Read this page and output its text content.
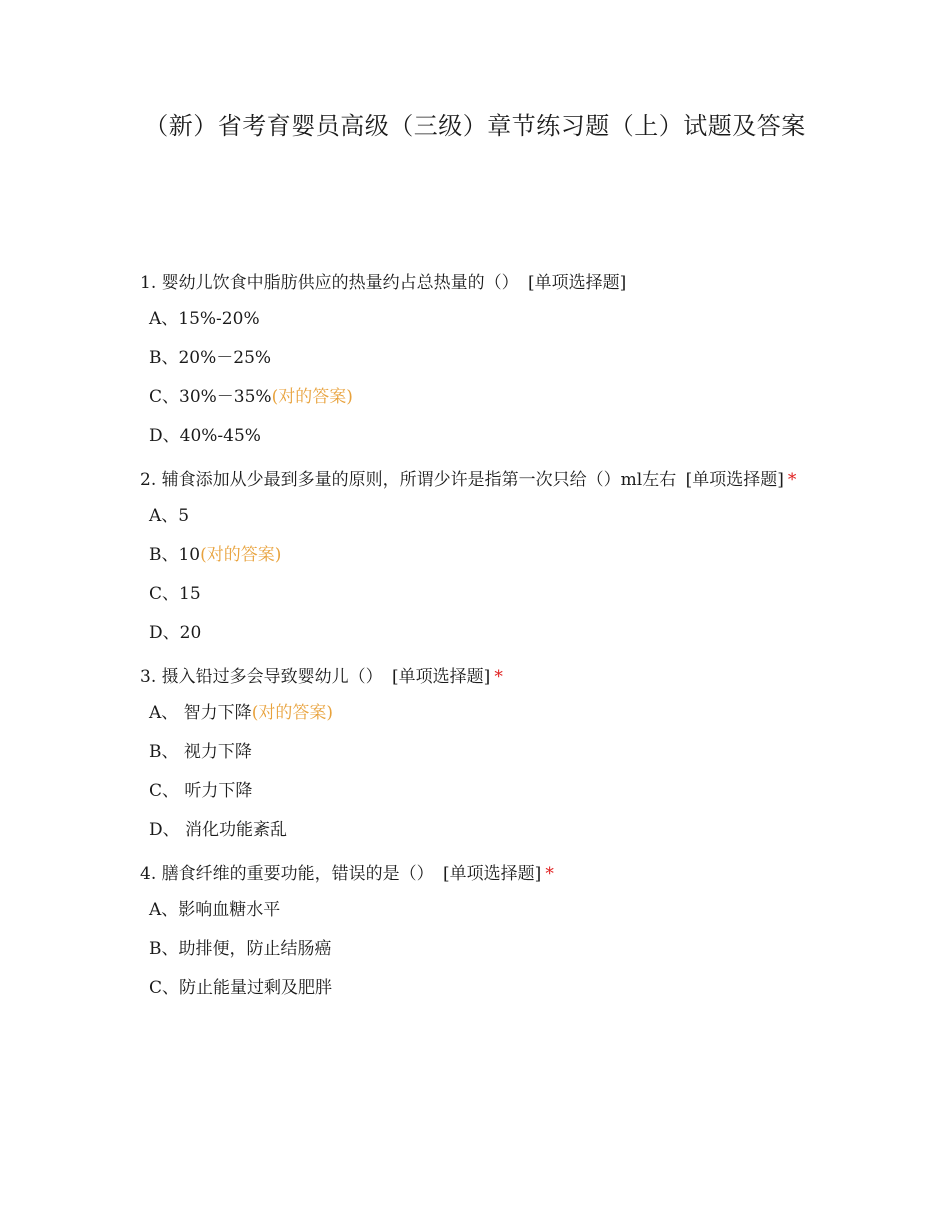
（新）省考育婴员高级（三级）章节练习题（上）试题及答案
1. 婴幼儿饮食中脂肪供应的热量约占总热量的（） [单项选择题]
A、15%-20%
B、20%－25%
C、30%－35%(对的答案)
D、40%-45%
2. 辅食添加从少最到多量的原则，所谓少许是指第一次只给（）ml左右 [单项选择题] *
A、5
B、10(对的答案)
C、15
D、20
3. 摄入铅过多会导致婴幼儿（） [单项选择题] *
A、 智力下降(对的答案)
B、 视力下降
C、 听力下降
D、 消化功能紊乱
4. 膳食纤维的重要功能，错误的是（） [单项选择题] *
A、影响血糖水平
B、助排便，防止结肠癌
C、防止能量过剩及肥胖
